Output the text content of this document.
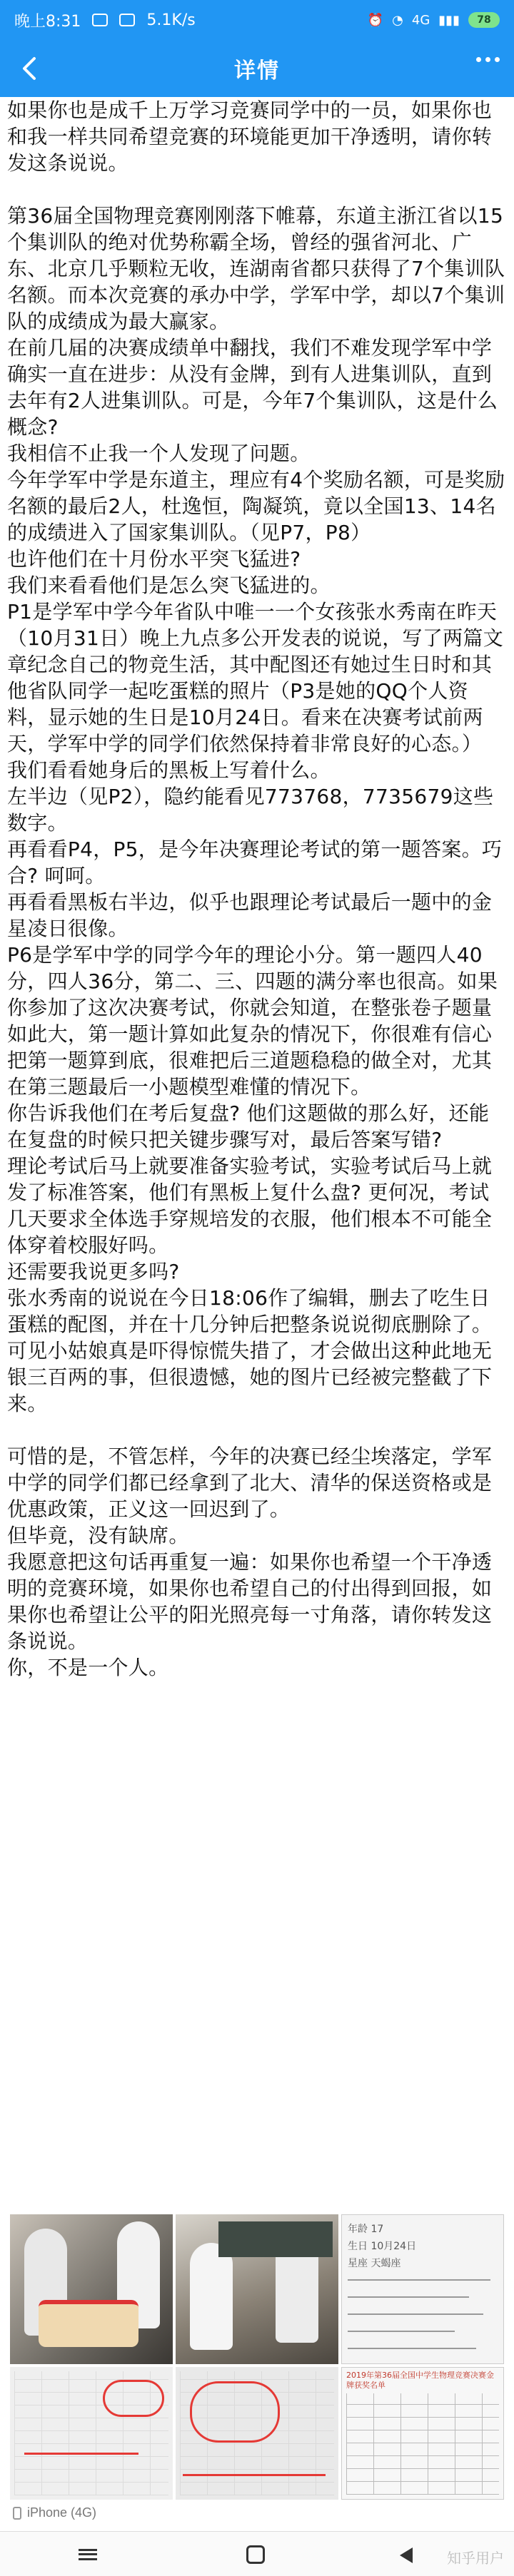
晚上8:31	5.1K/s	⏰ ◔ 4G ▮▮▮	78
详情

如果你也是成千上万学习竞赛同学中的一员，如果你也和我一样共同希望竞赛的环境能更加干净透明，请你转发这条说说。

第36届全国物理竞赛刚刚落下帷幕，东道主浙江省以15个集训队的绝对优势称霸全场，曾经的强省河北、广东、北京几乎颗粒无收，连湖南省都只获得了7个集训队名额。而本次竞赛的承办中学，学军中学，却以7个集训队的成绩成为最大赢家。

在前几届的决赛成绩单中翻找，我们不难发现学军中学确实一直在进步：从没有金牌，到有人进集训队，直到去年有2人进集训队。可是，今年7个集训队，这是什么概念?

我相信不止我一个人发现了问题。

今年学军中学是东道主，理应有4个奖励名额，可是奖励名额的最后2人，杜逸恒，陶凝筑，竟以全国13、14名的成绩进入了国家集训队。（见P7，P8）

也许他们在十月份水平突飞猛进?

我们来看看他们是怎么突飞猛进的。

P1是学军中学今年省队中唯一一个女孩张水秀南在昨天（10月31日）晚上九点多公开发表的说说，写了两篇文章纪念自己的物竞生活，其中配图还有她过生日时和其他省队同学一起吃蛋糕的照片（P3是她的QQ个人资料，显示她的生日是10月24日。看来在决赛考试前两天，学军中学的同学们依然保持着非常良好的心态。）

我们看看她身后的黑板上写着什么。

左半边（见P2），隐约能看见773768，7735679这些数字。

再看看P4，P5，是今年决赛理论考试的第一题答案。巧合? 呵呵。

再看看黑板右半边，似乎也跟理论考试最后一题中的金星凌日很像。

P6是学军中学的同学今年的理论小分。第一题四人40分，四人36分，第二、三、四题的满分率也很高。如果你参加了这次决赛考试，你就会知道，在整张卷子题量如此大，第一题计算如此复杂的情况下，你很难有信心把第一题算到底，很难把后三道题稳稳的做全对，尤其在第三题最后一小题模型难懂的情况下。

你告诉我他们在考后复盘? 他们这题做的那么好，还能在复盘的时候只把关键步骤写对，最后答案写错?

理论考试后马上就要准备实验考试，实验考试后马上就发了标准答案，他们有黑板上复什么盘? 更何况，考试几天要求全体选手穿规培发的衣服，他们根本不可能全体穿着校服好吗。

还需要我说更多吗?

张水秀南的说说在今日18:06作了编辑，删去了吃生日蛋糕的配图，并在十几分钟后把整条说说彻底删除了。可见小姑娘真是吓得惊慌失措了，才会做出这种此地无银三百两的事，但很遗憾，她的图片已经被完整截了下来。

可惜的是，不管怎样，今年的决赛已经尘埃落定，学军中学的同学们都已经拿到了北大、清华的保送资格或是优惠政策，正义这一回迟到了。

但毕竟，没有缺席。

我愿意把这句话再重复一遍：如果你也希望一个干净透明的竞赛环境，如果你也希望自己的付出得到回报，如果你也希望让公平的阳光照亮每一寸角落，请你转发这条说说。

你，不是一个人。

年龄 17
生日 10月24日
星座 天蝎座
2019年第36届全国中学生物理竞赛决赛金牌获奖名单
iPhone (4G)
知乎用户
